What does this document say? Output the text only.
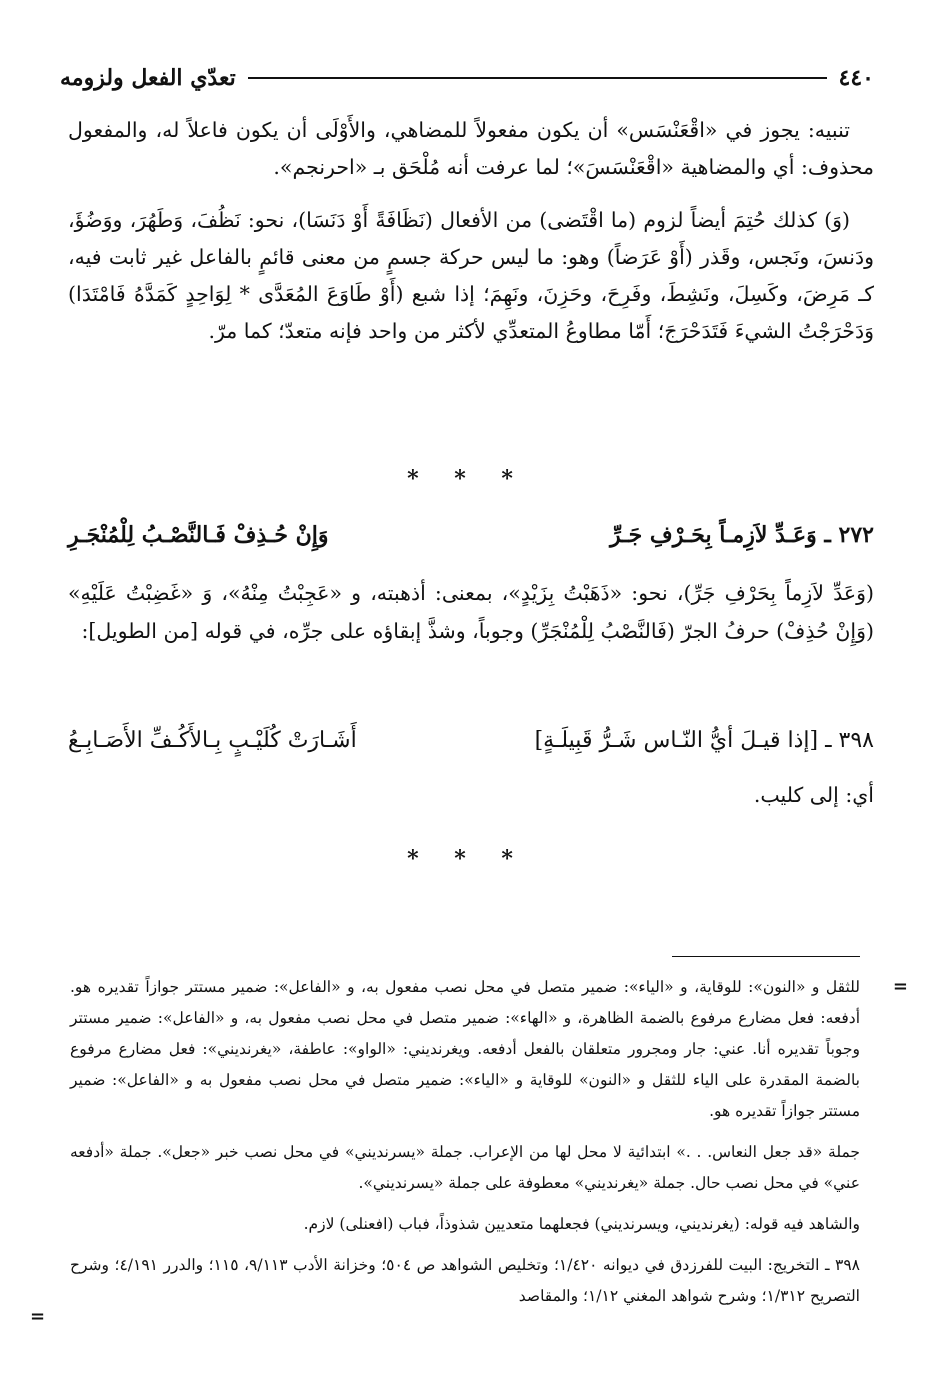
٤٤٠
تعدّي الفعل ولزومه

تنبيه: يجوز في «اقْعَنْسَس» أن يكون مفعولاً للمضاهي، والأَوْلَى أن يكون فاعلاً له، والمفعول محذوف: أي والمضاهية «اقْعَنْسَسَ»؛ لما عرفت أنه مُلْحَق بـ «احرنجم».

(وَ) كذلك حُتِمَ أيضاً لزوم (ما اقْتَضى) من الأفعال (نَظَافَةً أَوْ دَنَسَا)، نحو: نَظُفَ، وَطَهُرَ، ووَضُؤَ، ودَنسَ، ونَجس، وقَذر (أَوْ عَرَضاً) وهو: ما ليس حركة جسمٍ من معنى قائمٍ بالفاعل غير ثابت فيه، كـ مَرِضَ، وكَسِلَ، ونَشِطَ، وفَرِحَ، وحَزِنَ، ونَهِمَ؛ إذا شبع (أَوْ طَاوَعَ المُعَدَّى * لِوَاحِدٍ كَمَدَّهُ فَامْتَدَا) وَدَحْرَجْتُ الشيءَ فَتَدَحْرَجَ؛ أَمّا مطاوعُ المتعدِّي لأكثر من واحد فإنه متعدّ؛ كما مرّ.

* * *
٢٧٢ ـ وَعَـدِّ لاَزِمـاً بِحَـرْفِ جَـرِّ
وَإِنْ حُـذِفْ فَـالنَّصْـبُ لِلْمُنْجَـرِ
(وَعَدِّ لاَزِماً بِحَرْفِ جَرِّ)، نحو: «ذَهَبْتُ بِزَيْدٍ»، بمعنى: أذهبته، و «عَجِبْتُ مِنْهُ»، وَ «غَضِبْتُ عَلَيْهِ» (وَإِنْ حُذِفْ) حرفُ الجرّ (فَالنَّصْبُ لِلْمُنْجَرِّ) وجوباً، وشذَّ إبقاؤه على جرِّه، في قوله [من الطويل]:
٣٩٨ ـ [إذا قيـلَ أيُّ النّـاس شَـرُّ قَبِيلَـةٍ]
أَشَـارَتْ كُلَيْـبٍ بِـالأَكُـفِّ الأَصَـابِـعُ
أي: إلى كليب.
* * *
=

للثقل و «النون»: للوقاية، و «الياء»: ضمير متصل في محل نصب مفعول به، و «الفاعل»: ضمير مستتر جوازاً تقديره هو. أدفعه: فعل مضارع مرفوع بالضمة الظاهرة، و «الهاء»: ضمير متصل في محل نصب مفعول به، و «الفاعل»: ضمير مستتر وجوباً تقديره أنا. عني: جار ومجرور متعلقان بالفعل أدفعه. ويغرنديني: «الواو»: عاطفة، «يغرنديني»: فعل مضارع مرفوع بالضمة المقدرة على الياء للثقل و «النون» للوقاية و «الياء»: ضمير متصل في محل نصب مفعول به و «الفاعل»: ضمير مستتر جوازاً تقديره هو.

جملة «قد جعل النعاس. . .» ابتدائية لا محل لها من الإعراب. جملة «يسرنديني» في محل نصب خبر «جعل». جملة «أدفعه عني» في محل نصب حال. جملة «يغرنديني» معطوفة على جملة «يسرنديني».

والشاهد فيه قوله: (يغرنديني، ويسرنديني) فجعلهما متعديين شذوذاً، فباب (افعنلى) لازم.

٣٩٨ ـ التخريج: البيت للفرزدق في ديوانه ١/٤٢٠؛ وتخليص الشواهد ص ٥٠٤؛ وخزانة الأدب ٩/١١٣، ١١٥؛ والدرر ٤/١٩١؛ وشرح التصريح ١/٣١٢؛ وشرح شواهد المغني ١/١٢؛ والمقاصد

=
